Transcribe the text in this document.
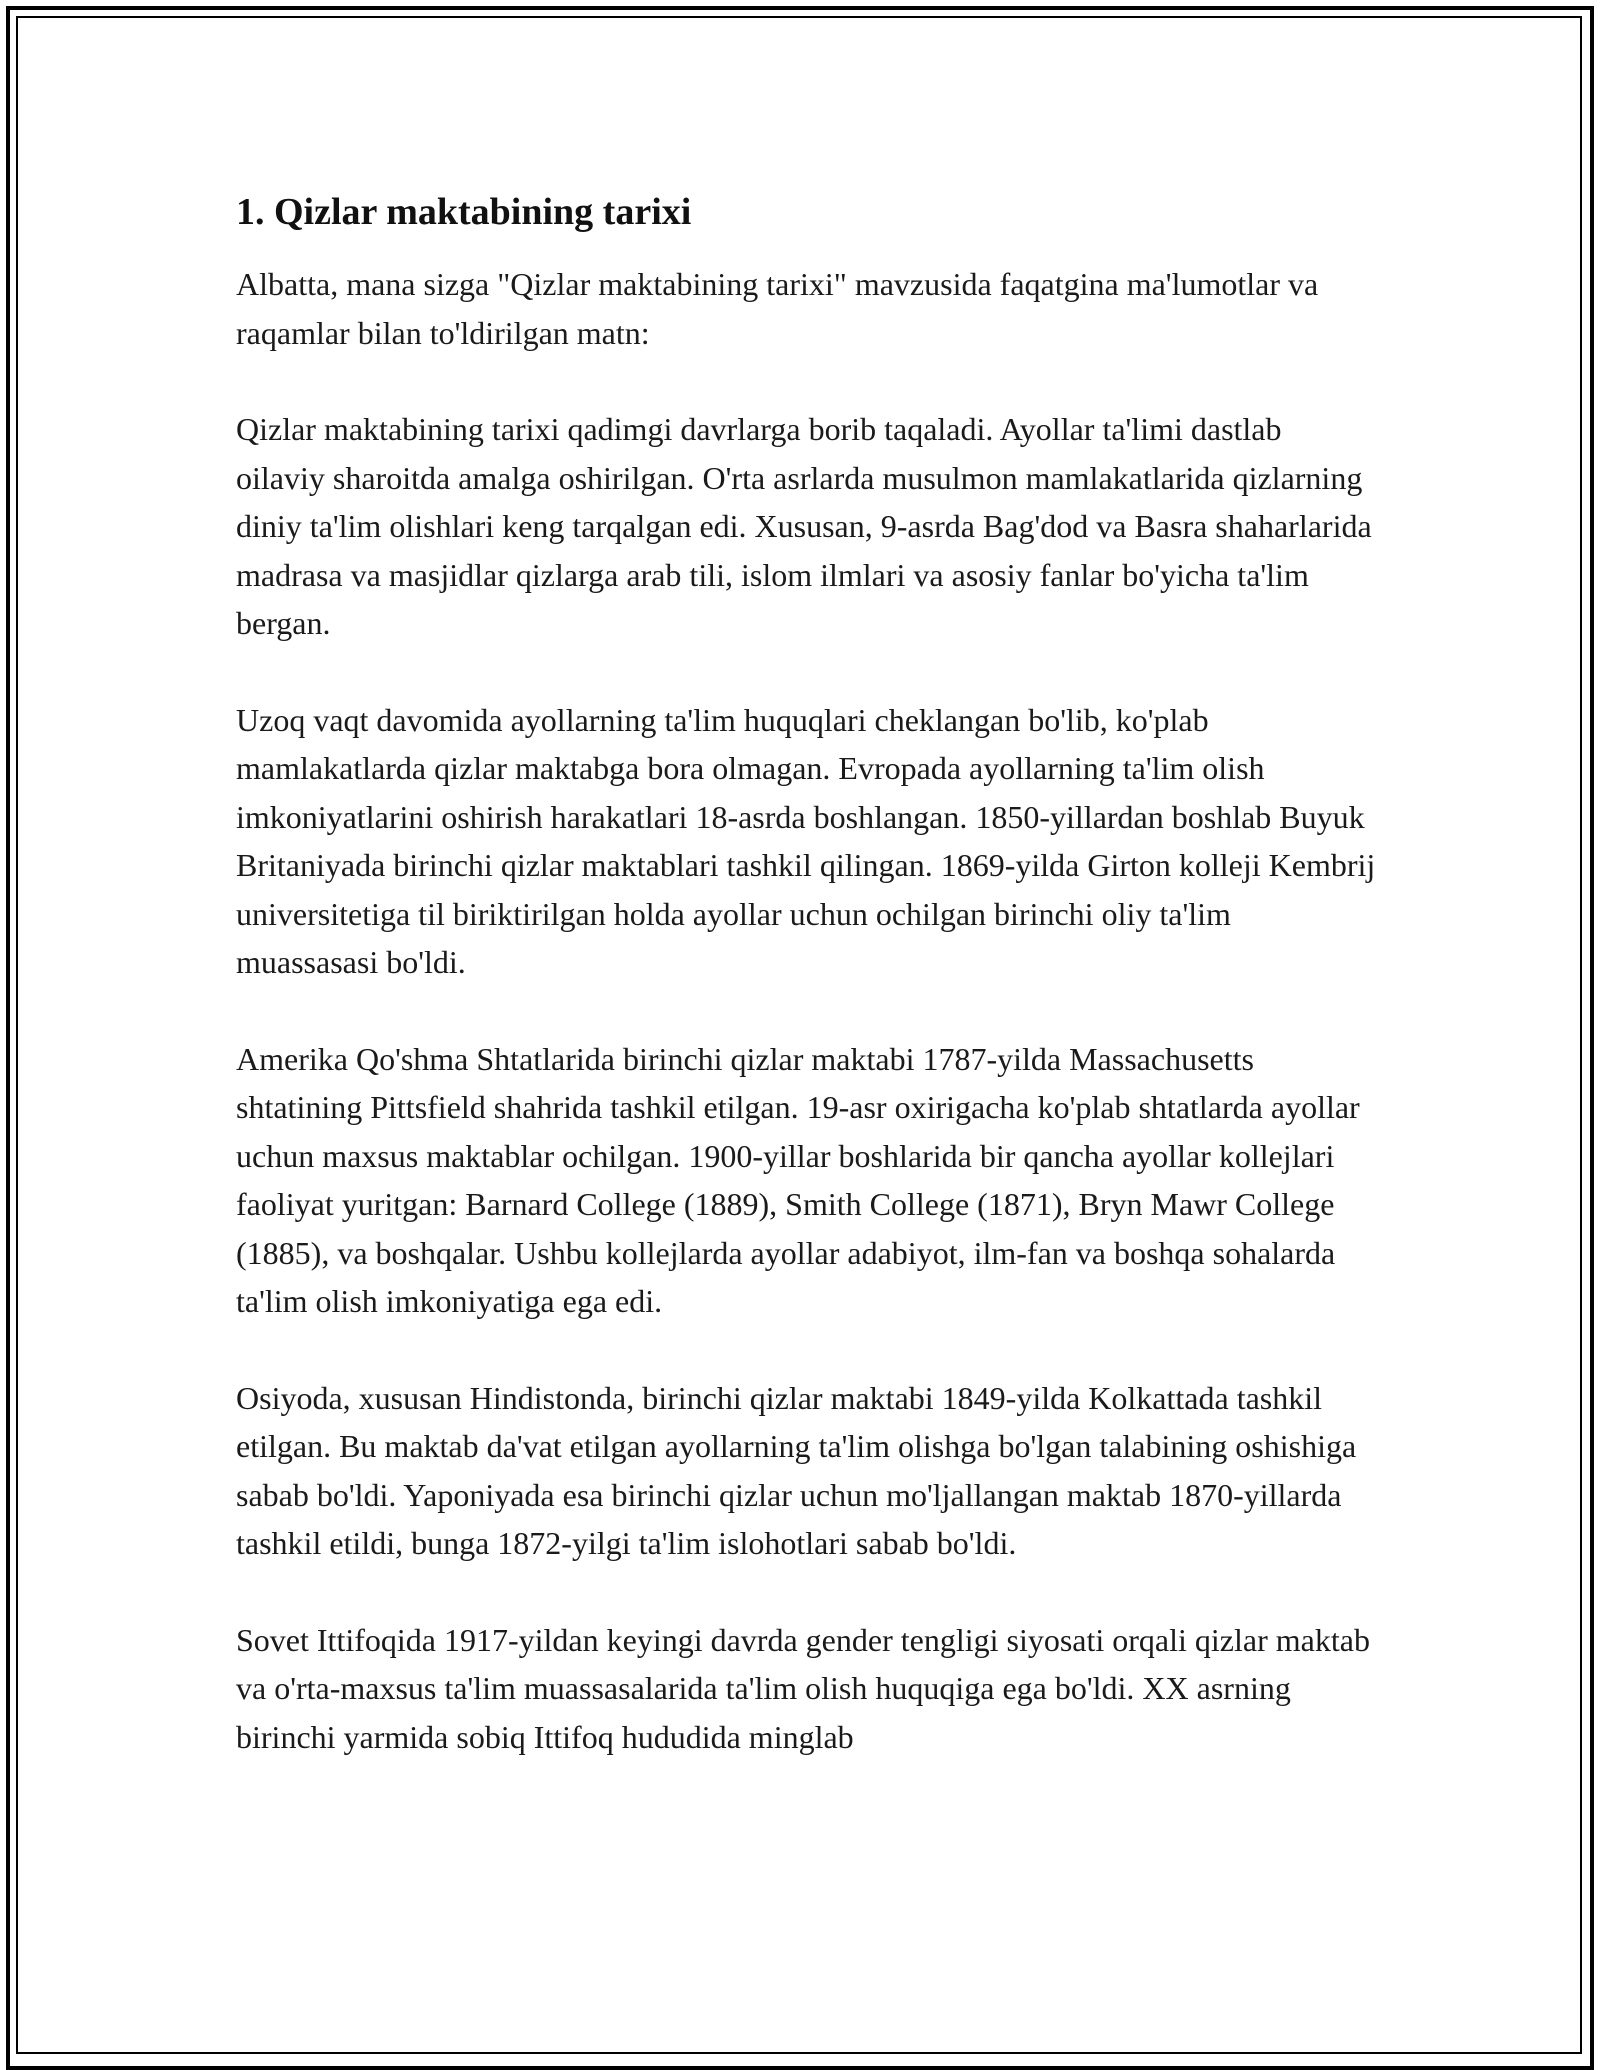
1. Qizlar maktabining tarixi

Albatta, mana sizga "Qizlar maktabining tarixi" mavzusida faqatgina ma'lumotlar va raqamlar bilan to'ldirilgan matn:

Qizlar maktabining tarixi qadimgi davrlarga borib taqaladi. Ayollar ta'limi dastlab oilaviy sharoitda amalga oshirilgan. O'rta asrlarda musulmon mamlakatlarida qizlarning diniy ta'lim olishlari keng tarqalgan edi. Xususan, 9-asrda Bag'dod va Basra shaharlarida madrasa va masjidlar qizlarga arab tili, islom ilmlari va asosiy fanlar bo'yicha ta'lim bergan.

Uzoq vaqt davomida ayollarning ta'lim huquqlari cheklangan bo'lib, ko'plab mamlakatlarda qizlar maktabga bora olmagan. Evropada ayollarning ta'lim olish imkoniyatlarini oshirish harakatlari 18-asrda boshlangan. 1850-yillardan boshlab Buyuk Britaniyada birinchi qizlar maktablari tashkil qilingan. 1869-yilda Girton kolleji Kembrij universitetiga til biriktirilgan holda ayollar uchun ochilgan birinchi oliy ta'lim muassasasi bo'ldi.

Amerika Qo'shma Shtatlarida birinchi qizlar maktabi 1787-yilda Massachusetts shtatining Pittsfield shahrida tashkil etilgan. 19-asr oxirigacha ko'plab shtatlarda ayollar uchun maxsus maktablar ochilgan. 1900-yillar boshlarida bir qancha ayollar kollejlari faoliyat yuritgan: Barnard College (1889), Smith College (1871), Bryn Mawr College (1885), va boshqalar. Ushbu kollejlarda ayollar adabiyot, ilm-fan va boshqa sohalarda ta'lim olish imkoniyatiga ega edi.

Osiyoda, xususan Hindistonda, birinchi qizlar maktabi 1849-yilda Kolkattada tashkil etilgan. Bu maktab da'vat etilgan ayollarning ta'lim olishga bo'lgan talabining oshishiga sabab bo'ldi. Yaponiyada esa birinchi qizlar uchun mo'ljallangan maktab 1870-yillarda tashkil etildi, bunga 1872-yilgi ta'lim islohotlari sabab bo'ldi.

Sovet Ittifoqida 1917-yildan keyingi davrda gender tengligi siyosati orqali qizlar maktab va o'rta-maxsus ta'lim muassasalarida ta'lim olish huquqiga ega bo'ldi. XX asrning birinchi yarmida sobiq Ittifoq hududida minglab
